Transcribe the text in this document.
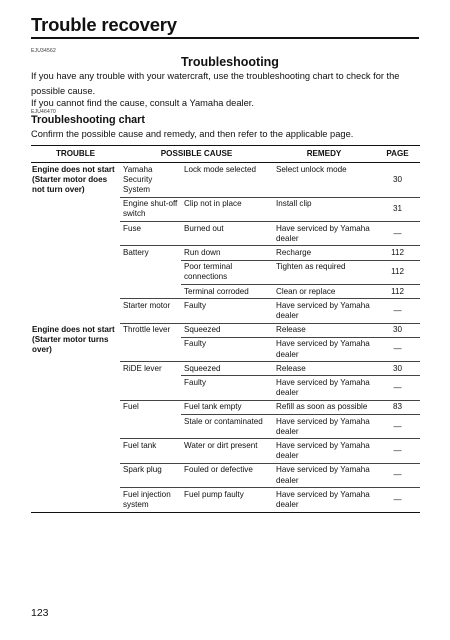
Trouble recovery
EJU34562
Troubleshooting
If you have any trouble with your watercraft, use the troubleshooting chart to check for the possible cause.
If you cannot find the cause, consult a Yamaha dealer.
EJU46470
Troubleshooting chart
Confirm the possible cause and remedy, and then refer to the applicable page.
TROUBLE	POSSIBLE CAUSE		REMEDY	PAGE
Engine does not start (Starter motor does not turn over)	Yamaha Security System	Lock mode selected	Select unlock mode	30
	Engine shut-off switch	Clip not in place	Install clip	31
	Fuse	Burned out	Have serviced by Yamaha dealer	—
	Battery	Run down	Recharge	112
		Poor terminal connections	Tighten as required	112
		Terminal corroded	Clean or replace	112
	Starter motor	Faulty	Have serviced by Yamaha dealer	—
Engine does not start (Starter motor turns over)	Throttle lever	Squeezed	Release	30
		Faulty	Have serviced by Yamaha dealer	—
	RiDE lever	Squeezed	Release	30
		Faulty	Have serviced by Yamaha dealer	—
	Fuel	Fuel tank empty	Refill as soon as possible	83
		Stale or contaminated	Have serviced by Yamaha dealer	—
	Fuel tank	Water or dirt present	Have serviced by Yamaha dealer	—
	Spark plug	Fouled or defective	Have serviced by Yamaha dealer	—
	Fuel injection system	Fuel pump faulty	Have serviced by Yamaha dealer	—
123
